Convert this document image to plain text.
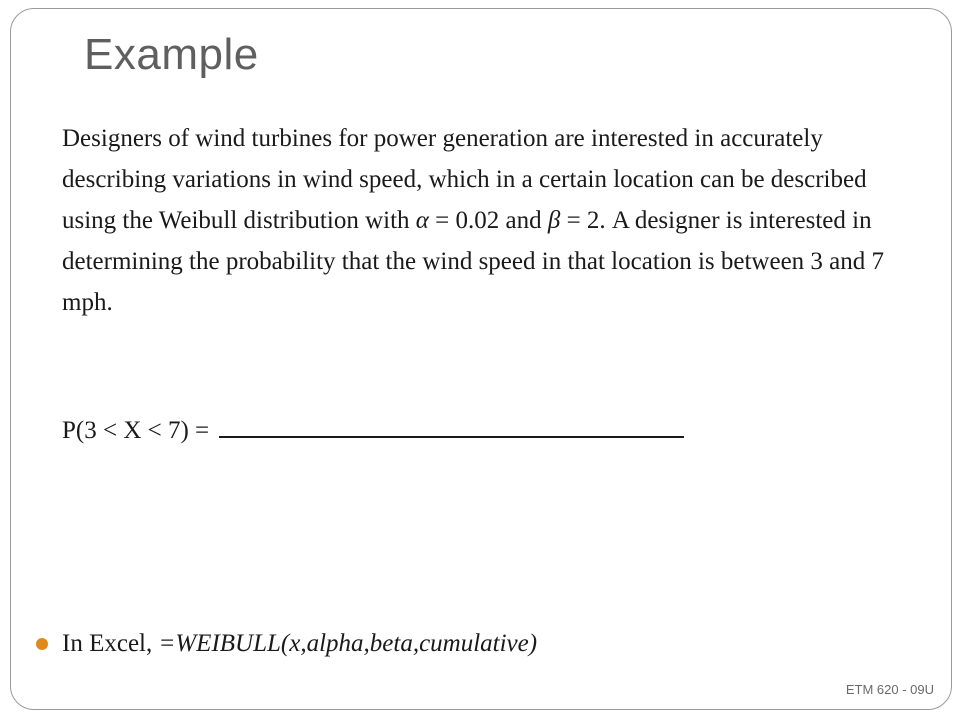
Example

Designers of wind turbines for power generation are interested in accurately describing variations in wind speed, which in a certain location can be described using the Weibull distribution with α = 0.02 and β = 2. A designer is interested in determining the probability that the wind speed in that location is between 3 and 7 mph.

P(3 < X < 7) =
In Excel,
=WEIBULL(x,alpha,beta,cumulative)
ETM 620 - 09U
